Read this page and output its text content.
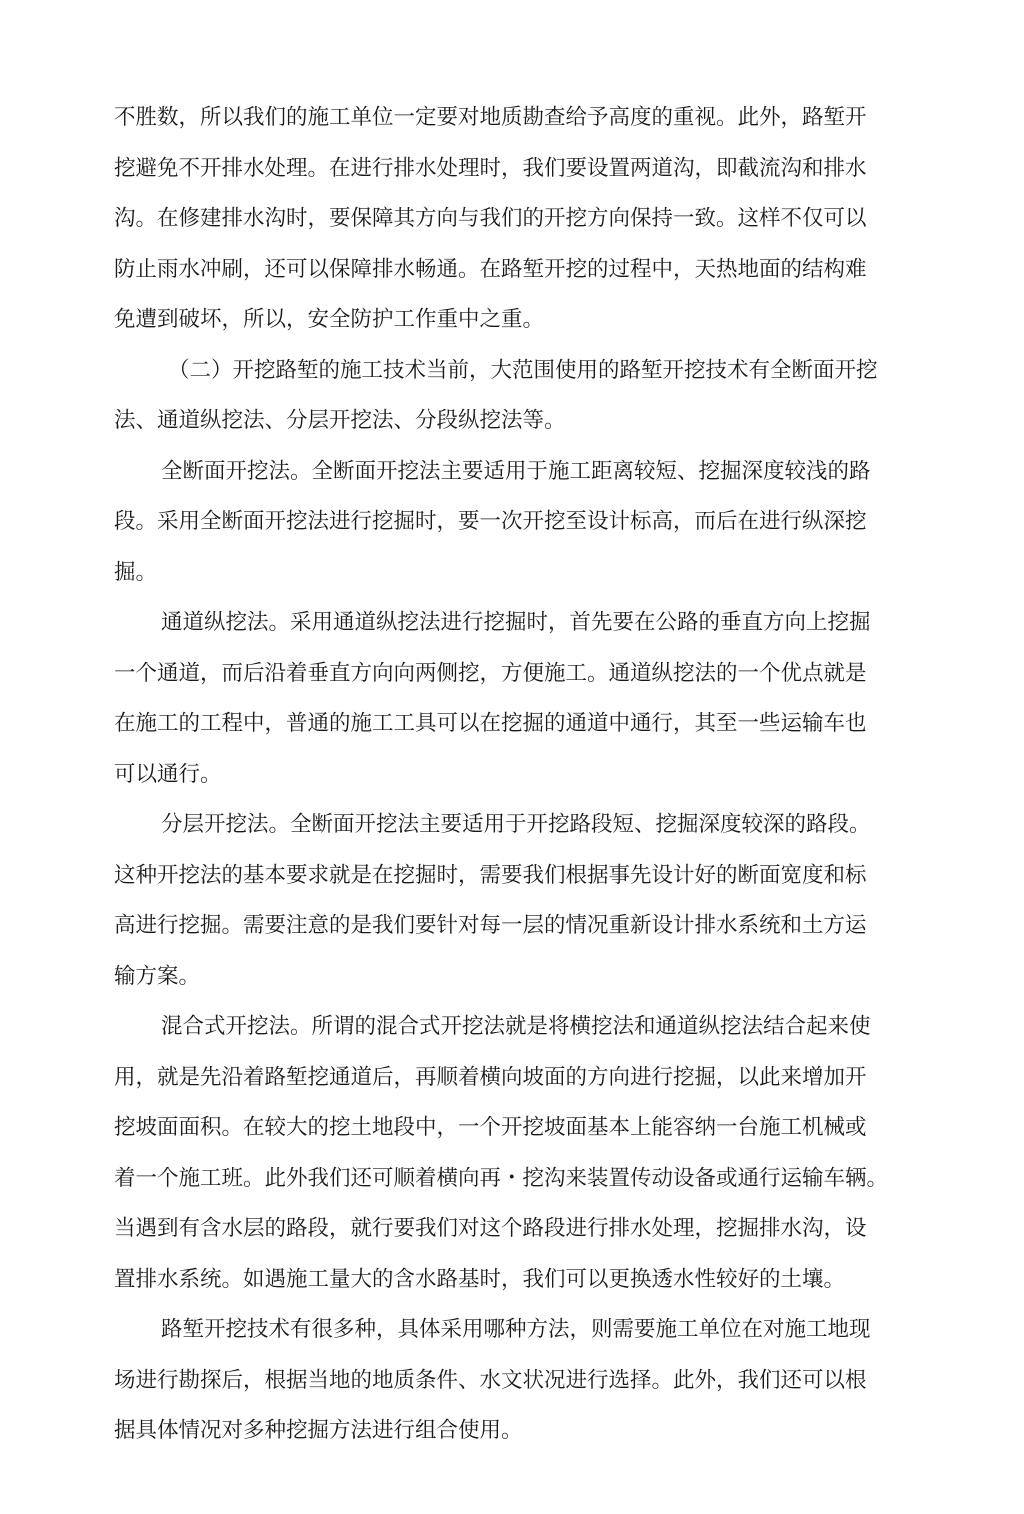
不胜数，所以我们的施工单位一定要对地质勘查给予高度的重视。此外，路堑开
挖避免不开排水处理。在进行排水处理时，我们要设置两道沟，即截流沟和排水
沟。在修建排水沟时，要保障其方向与我们的开挖方向保持一致。这样不仅可以
防止雨水冲刷，还可以保障排水畅通。在路堑开挖的过程中，天热地面的结构难
免遭到破坏，所以，安全防护工作重中之重。
（二）开挖路堑的施工技术当前，大范围使用的路堑开挖技术有全断面开挖
法、通道纵挖法、分层开挖法、分段纵挖法等。
全断面开挖法。全断面开挖法主要适用于施工距离较短、挖掘深度较浅的路
段。采用全断面开挖法进行挖掘时，要一次开挖至设计标高，而后在进行纵深挖
掘。
通道纵挖法。采用通道纵挖法进行挖掘时，首先要在公路的垂直方向上挖掘
一个通道，而后沿着垂直方向向两侧挖，方便施工。通道纵挖法的一个优点就是
在施工的工程中，普通的施工工具可以在挖掘的通道中通行，其至一些运输车也
可以通行。
分层开挖法。全断面开挖法主要适用于开挖路段短、挖掘深度较深的路段。
这种开挖法的基本要求就是在挖掘时，需要我们根据事先设计好的断面宽度和标
高进行挖掘。需要注意的是我们要针对每一层的情况重新设计排水系统和土方运
输方案。
混合式开挖法。所谓的混合式开挖法就是将横挖法和通道纵挖法结合起来使
用，就是先沿着路堑挖通道后，再顺着横向坡面的方向进行挖掘，以此来增加开
挖坡面面积。在较大的挖土地段中，一个开挖坡面基本上能容纳一台施工机械或
着一个施工班。此外我们还可顺着横向再・挖沟来装置传动设备或通行运输车辆。
当遇到有含水层的路段，就行要我们对这个路段进行排水处理，挖掘排水沟，设
置排水系统。如遇施工量大的含水路基时，我们可以更换透水性较好的土壤。
路堑开挖技术有很多种，具体采用哪种方法，则需要施工单位在对施工地现
场进行勘探后，根据当地的地质条件、水文状况进行选择。此外，我们还可以根
据具体情况对多种挖掘方法进行组合使用。
